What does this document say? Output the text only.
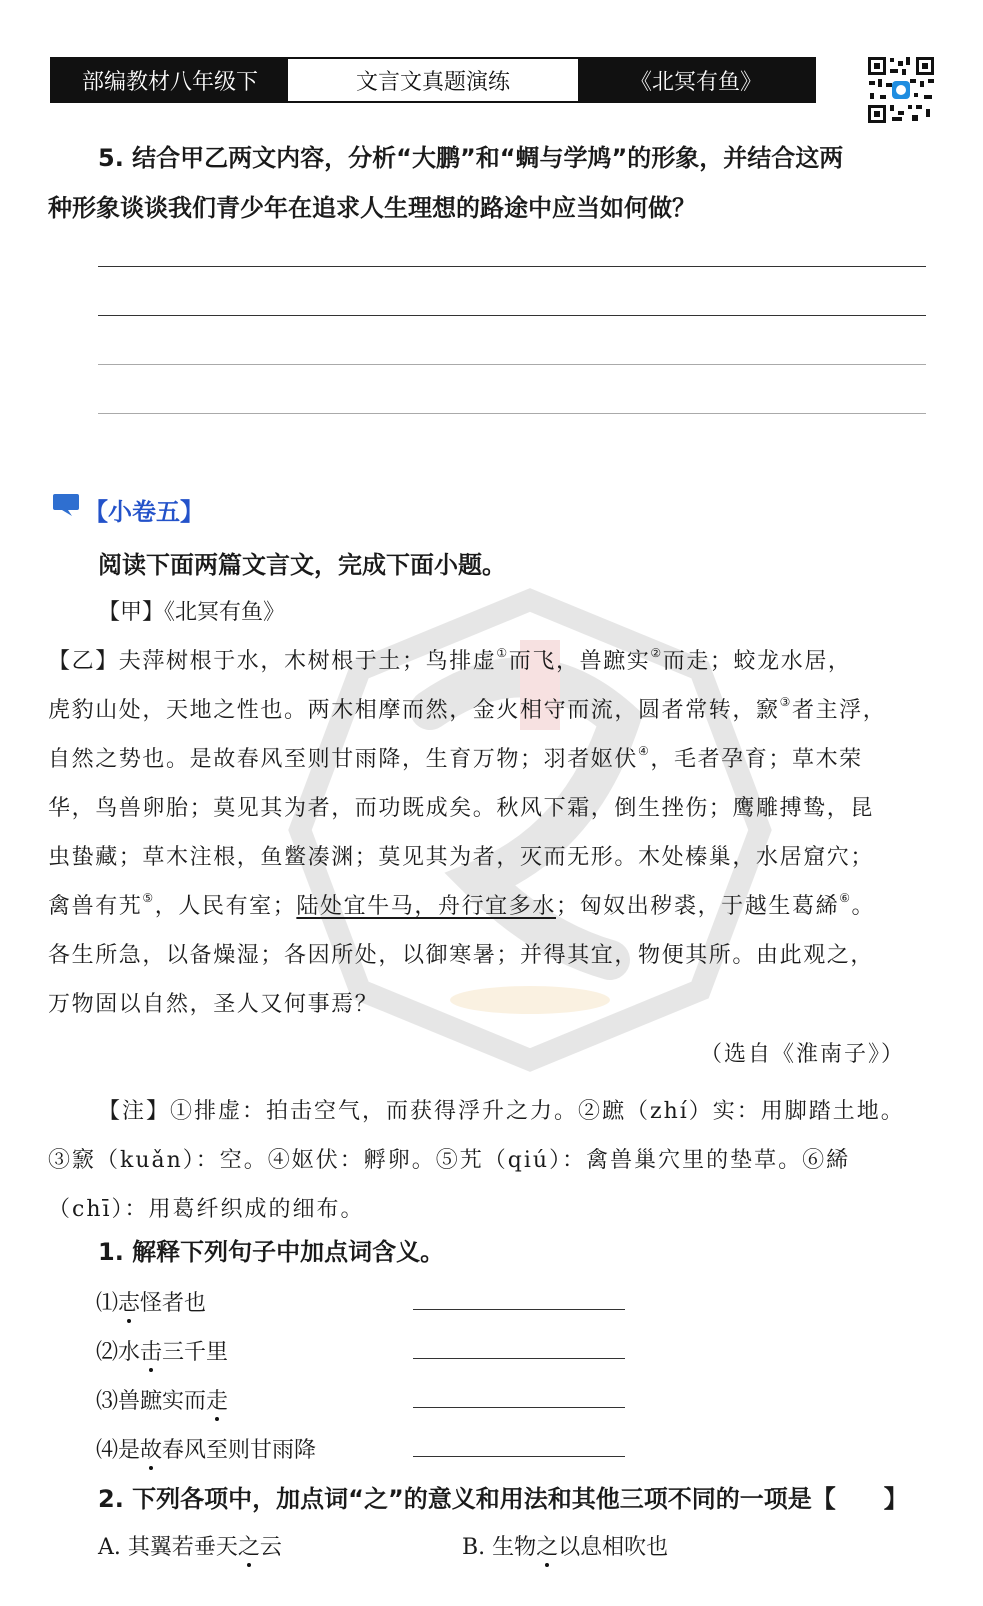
部编教材八年级下	文言文真题演练	《北冥有鱼》
5. 结合甲乙两文内容，分析“大鹏”和“蜩与学鸠”的形象，并结合这两
种形象谈谈我们青少年在追求人生理想的路途中应当如何做？
【小卷五】
阅读下面两篇文言文，完成下面小题。
【甲】《北冥有鱼》
【乙】夫萍树根于水，木树根于土；鸟排虚①而飞，兽蹠实②而走；蛟龙水居，
虎豹山处，天地之性也。两木相摩而然，金火相守而流，圆者常转，窾③者主浮，
自然之势也。是故春风至则甘雨降，生育万物；羽者妪伏④，毛者孕育；草木荣
华，鸟兽卵胎；莫见其为者，而功既成矣。秋风下霜，倒生挫伤；鹰雕搏鸷，昆
虫蛰藏；草木注根，鱼鳖凑渊；莫见其为者，灭而无形。木处榛巢，水居窟穴；
禽兽有艽⑤，人民有室；陆处宜牛马，舟行宜多水；匈奴出秽裘，于越生葛絺⑥。
各生所急，以备燥湿；各因所处，以御寒暑；并得其宜，物便其所。由此观之，
万物固以自然，圣人又何事焉？
（选自《淮南子》）
【注】①排虚：拍击空气，而获得浮升之力。②蹠（zhí）实：用脚踏土地。
③窾（kuǎn）：空。④妪伏：孵卵。⑤艽（qiú）：禽兽巢穴里的垫草。⑥絺
（chī）：用葛纤织成的细布。
1. 解释下列句子中加点词含义。
⑴志怪者也
⑵水击三千里
⑶兽蹠实而走
⑷是故春风至则甘雨降
2. 下列各项中，加点词“之”的意义和用法和其他三项不同的一项是【　　】
A. 其翼若垂天之云	B. 生物之以息相吹也
